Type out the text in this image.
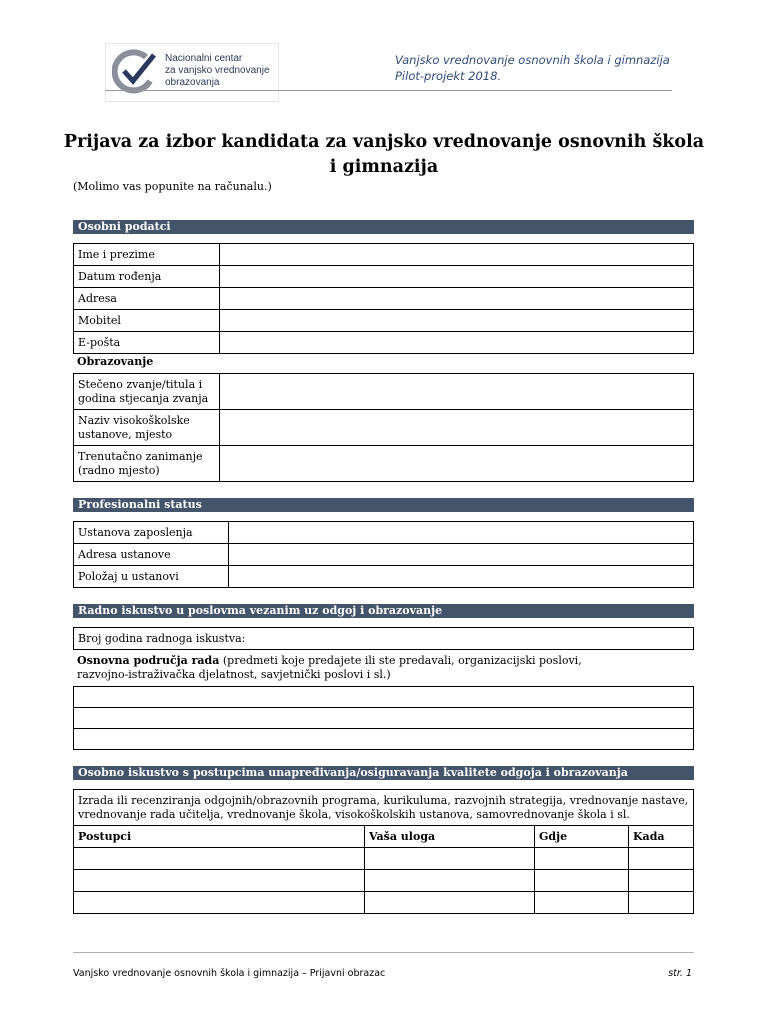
Nacionalni centar
za vanjsko vrednovanje
obrazovanja
Vanjsko vrednovanje osnovnih škola i gimnazija
Pilot-projekt 2018.
Prijava za izbor kandidata za vanjsko vrednovanje osnovnih škola i gimnazija
(Molimo vas popunite na računalu.)
Osobni podatci
Ime i prezime	
Datum rođenja	
Adresa	
Mobitel	
E-pošta	
Obrazovanje
Stečeno zvanje/titula i
godina stjecanja zvanja	

Naziv visokoškolske
ustanove, mjesto	

Trenutačno zanimanje
(radno mjesto)	

Profesionalni status
Ustanova zaposlenja	
Adresa ustanove	
Položaj u ustanovi	
Radno iskustvo u poslovma vezanim uz odgoj i obrazovanje
Broj godina radnoga iskustva:
Osnovna područja rada (predmeti koje predajete ili ste predavali, organizacijski poslovi,
razvojno-istraživačka djelatnost, savjetnički poslovi i sl.)

Osobno iskustvo s postupcima unapređivanja/osiguravanja kvalitete odgoja i obrazovanja
Izrada ili recenziranja odgojnih/obrazovnih programa, kurikuluma, razvojnih strategija, vrednovanje nastave,
vrednovanje rada učitelja, vrednovanje škola, visokoškolskih ustanova, samovrednovanje škola i sl.			

Postupci	Vaša uloga	Gdje	Kada

Vanjsko vrednovanje osnovnih škola i gimnazija – Prijavni obrazac	str. 1
